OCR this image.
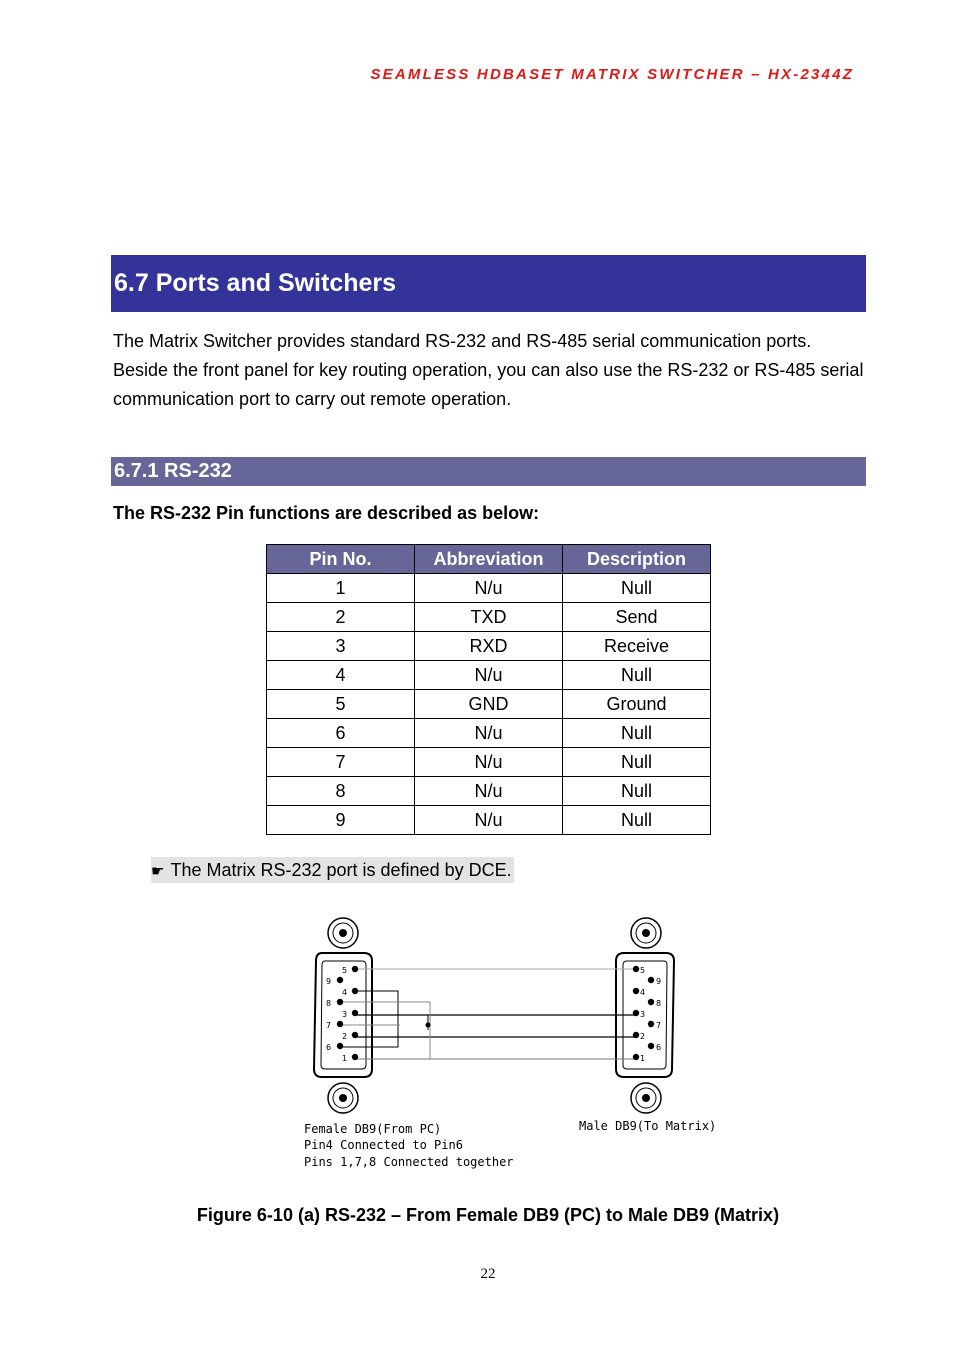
SEAMLESS HDBASET MATRIX SWITCHER – HX-2344Z
6.7 Ports and Switchers
The Matrix Switcher provides standard RS-232 and RS-485 serial communication ports. Beside the front panel for key routing operation, you can also use the RS-232 or RS-485 serial communication port to carry out remote operation.
6.7.1 RS-232
The RS-232 Pin functions are described as below:
Pin No.	Abbreviation	Description
1	N/u	Null
2	TXD	Send
3	RXD	Receive
4	N/u	Null
5	GND	Ground
6	N/u	Null
7	N/u	Null
8	N/u	Null
9	N/u	Null
☛ The Matrix RS-232 port is defined by DCE.
5
9
4
8
3
7
2
6
1
5
9
4
8
3
7
2
6
1
Female DB9(From PC)
Pin4 Connected to Pin6
Pins 1,7,8 Connected together
Male DB9(To Matrix)
Figure 6-10 (a) RS-232 – From Female DB9 (PC) to Male DB9 (Matrix)
22
